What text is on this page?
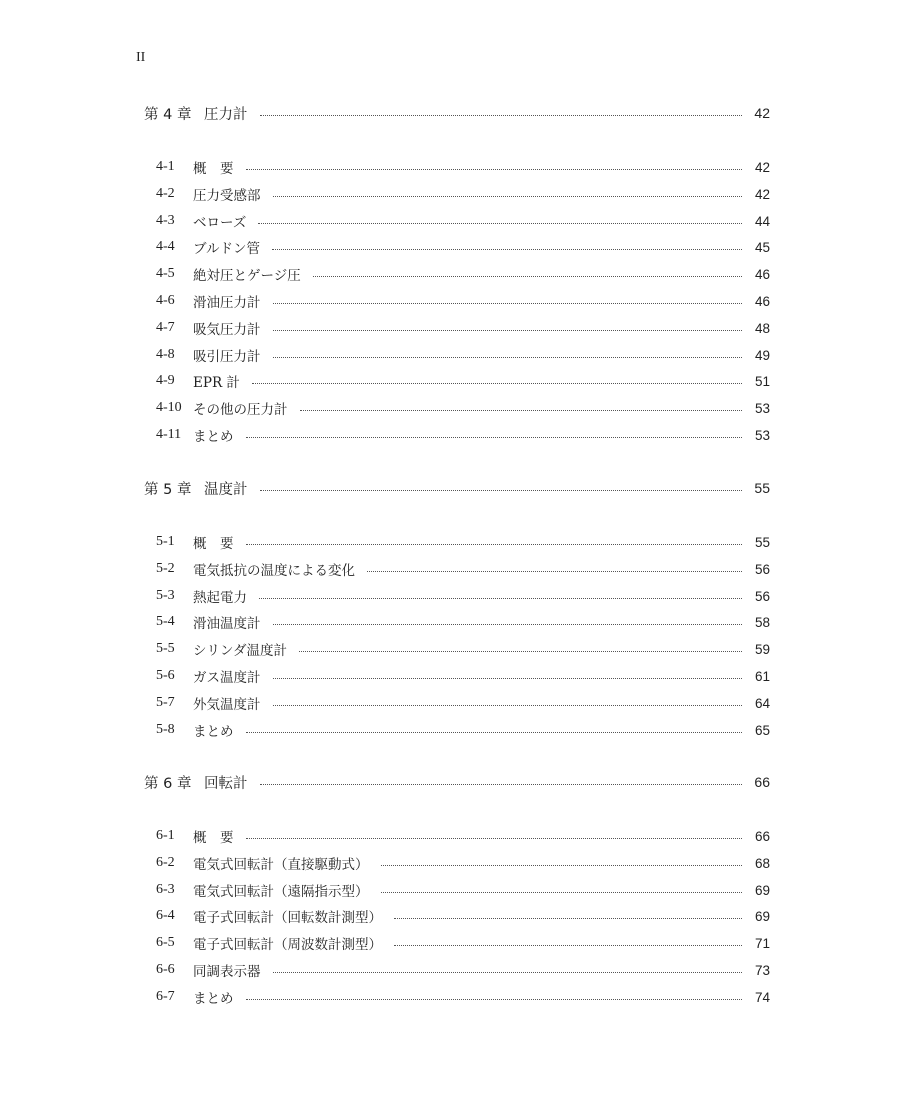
II
第 4 章 圧力計	42
4-1	概　要	42
4-2	圧力受感部	42
4-3	ベローズ	44
4-4	ブルドン管	45
4-5	絶対圧とゲージ圧	46
4-6	滑油圧力計	46
4-7	吸気圧力計	48
4-8	吸引圧力計	49
4-9	EPR 計	51
4-10 その他の圧力計	53
4-11 まとめ	53
第 5 章 温度計	55
5-1	概　要	55
5-2	電気抵抗の温度による変化	56
5-3	熱起電力	56
5-4	滑油温度計	58
5-5	シリンダ温度計	59
5-6	ガス温度計	61
5-7	外気温度計	64
5-8	まとめ	65
第 6 章 回転計	66
6-1	概　要	66
6-2	電気式回転計（直接駆動式）	68
6-3	電気式回転計（遠隔指示型）	69
6-4	電子式回転計（回転数計測型）	69
6-5	電子式回転計（周波数計測型）	71
6-6	同調表示器	73
6-7	まとめ	74
